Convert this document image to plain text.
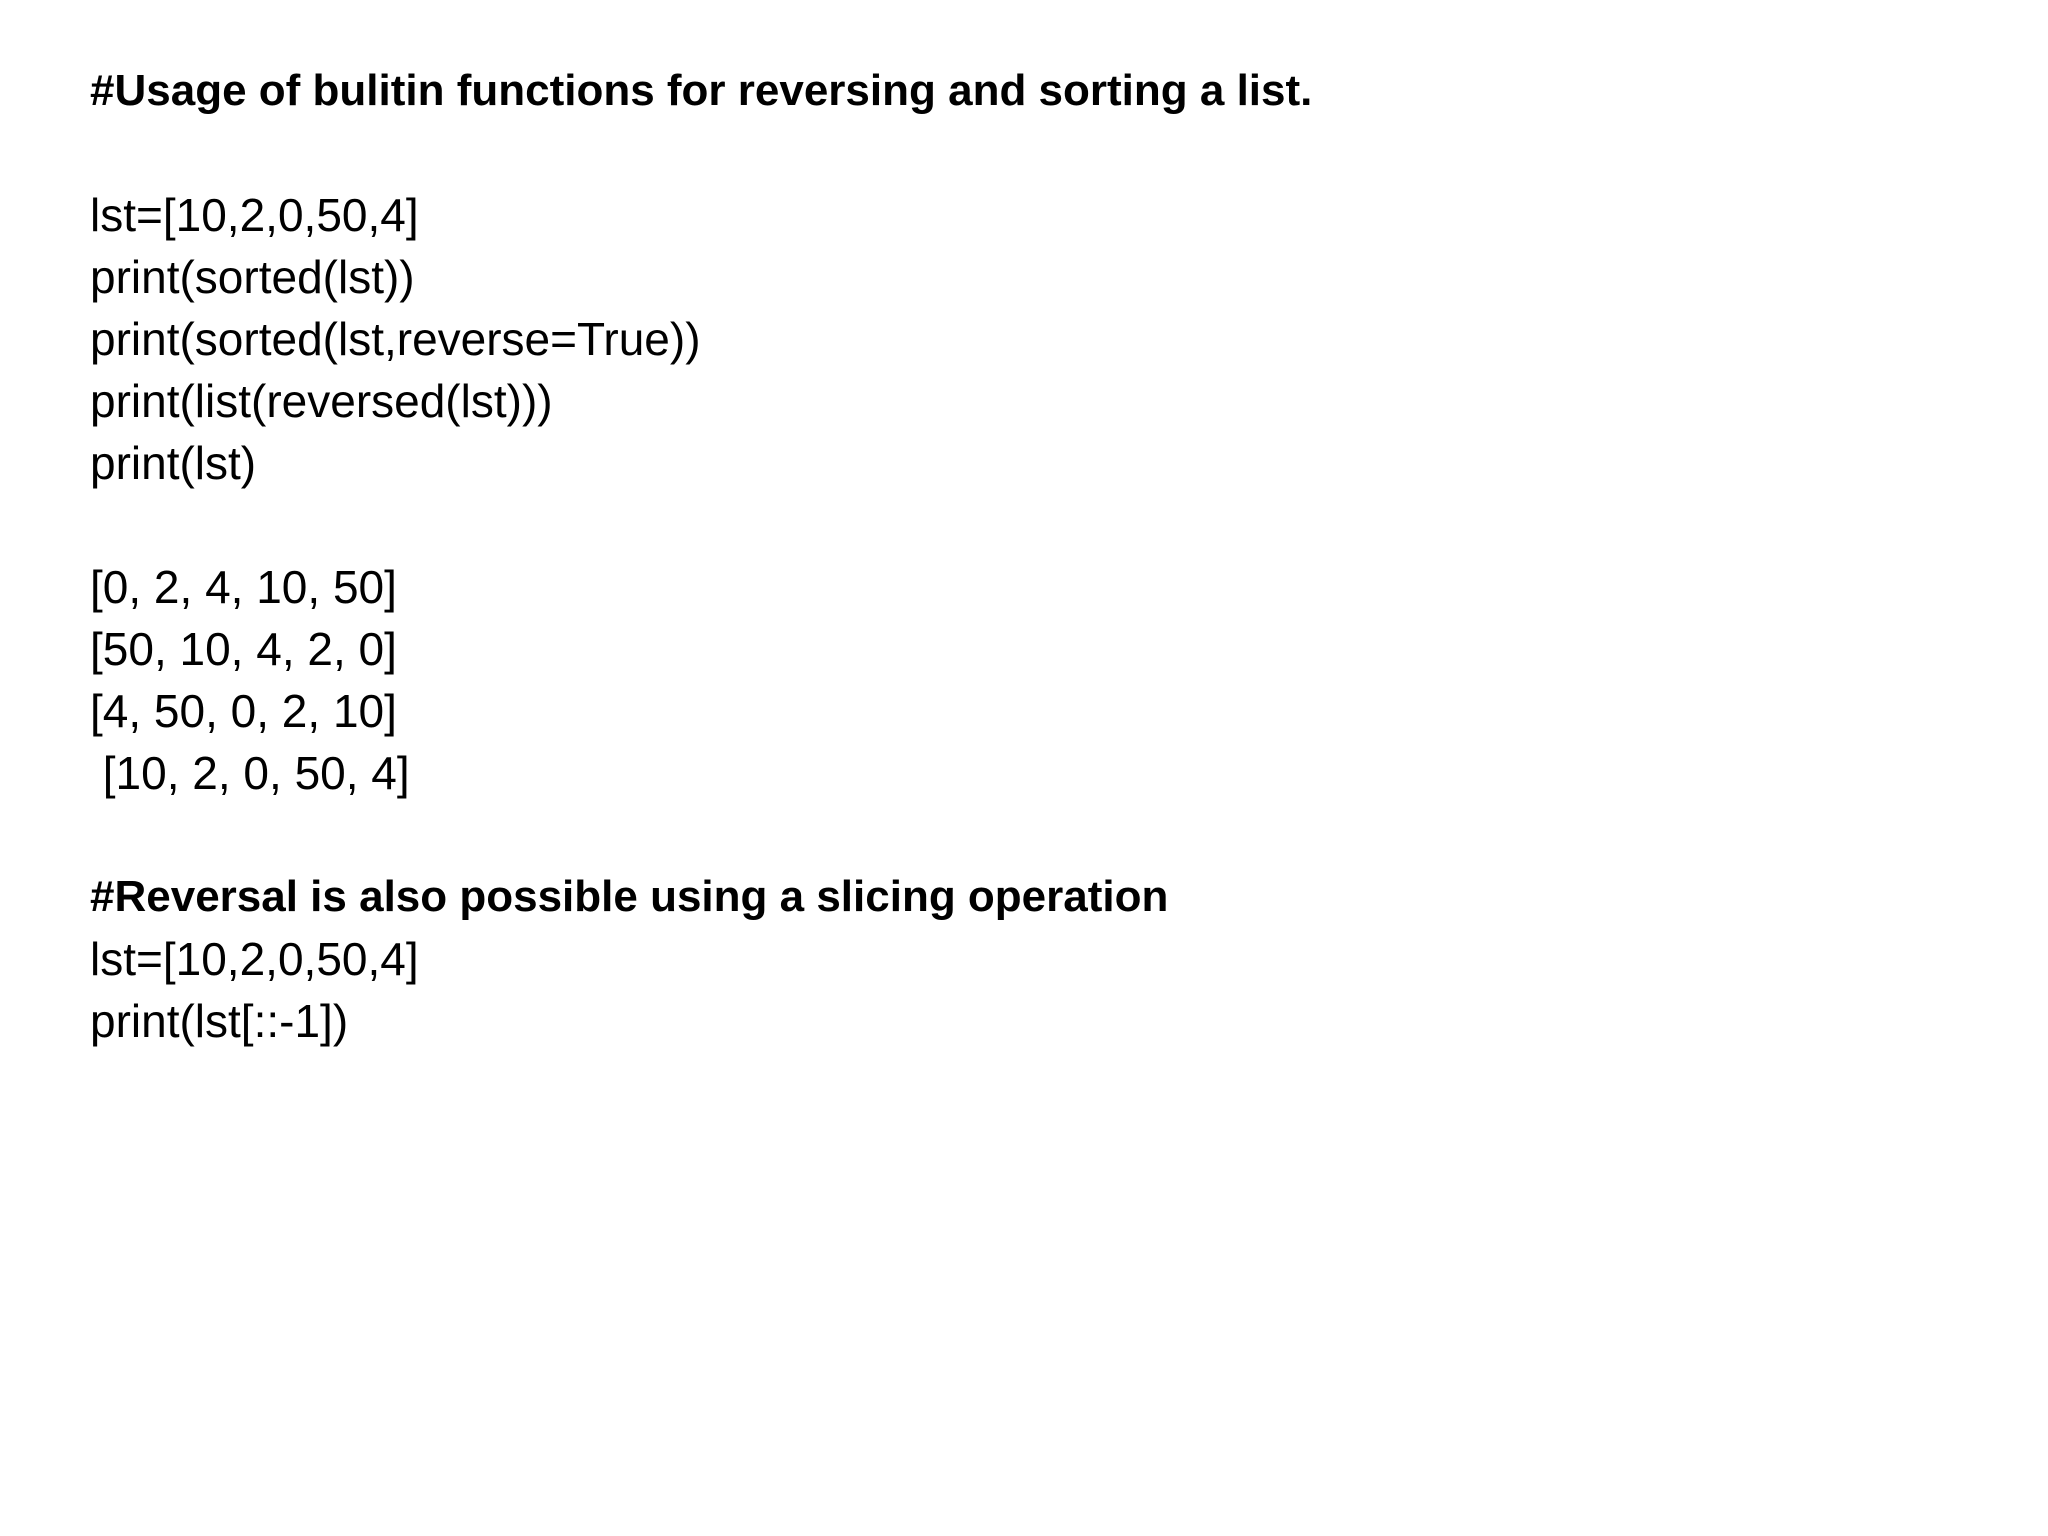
#Usage of bulitin functions for reversing and sorting a list.
lst=[10,2,0,50,4]
print(sorted(lst))
print(sorted(lst,reverse=True))
print(list(reversed(lst)))
print(lst)
[0, 2, 4, 10, 50]
[50, 10, 4, 2, 0]
[4, 50, 0, 2, 10]
[10, 2, 0, 50, 4]
#Reversal is also possible using a slicing operation
lst=[10,2,0,50,4]
print(lst[::-1])
